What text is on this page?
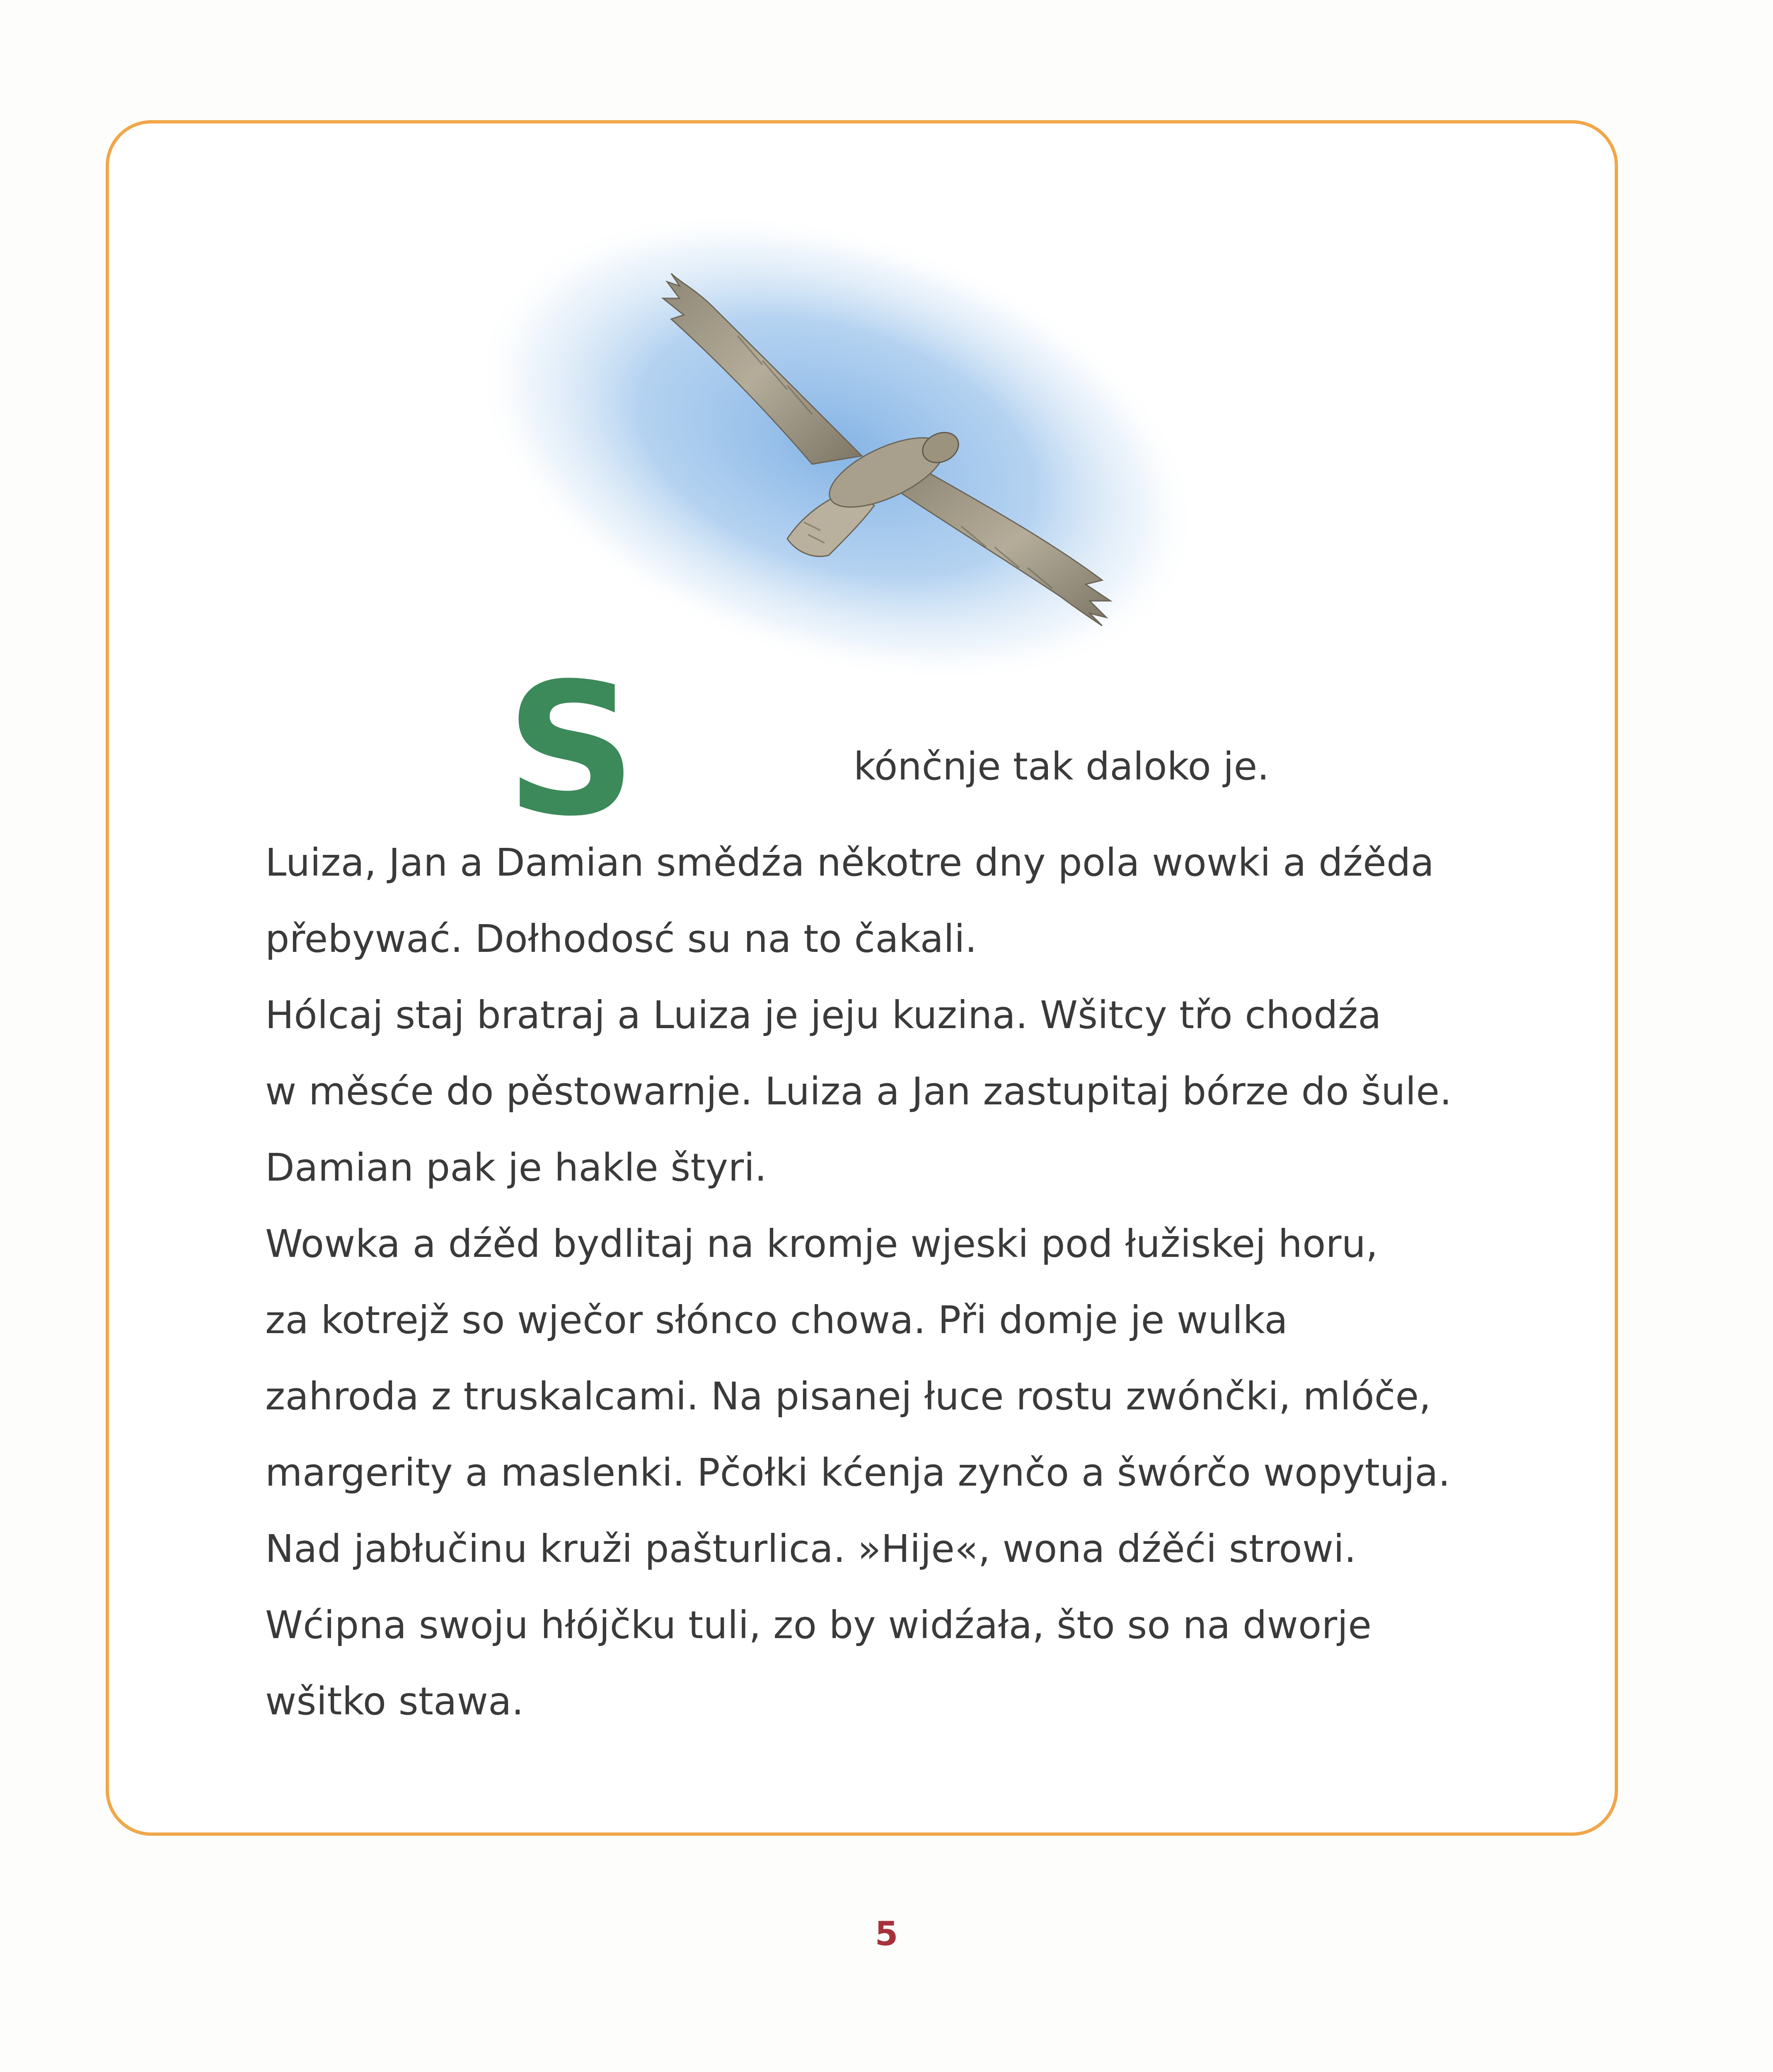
S	kónčnje tak daloko je.
Luiza, Jan a Damian smědźa někotre dny pola wowki a dźěda
přebywać. Dołhodosć su na to čakali.
Hólcaj staj bratraj a Luiza je jeju kuzina. Wšitcy třo chodźa
w měsće do pěstowarnje. Luiza a Jan zastupitaj bórze do šule.
Damian pak je hakle štyri.
Wowka a dźěd bydlitaj na kromje wjeski pod łužiskej horu,
za kotrejž so wječor słónco chowa. Při domje je wulka
zahroda z truskalcami. Na pisanej łuce rostu zwónčki, mlóče,
margerity a maslenki. Pčołki kćenja zynčo a šwórčo wopytuja.
Nad jabłučinu kruži pašturlica. »Hije«, wona dźěći strowi.
Wćipna swoju hłójčku tuli, zo by widźała, što so na dworje
wšitko stawa.
5
